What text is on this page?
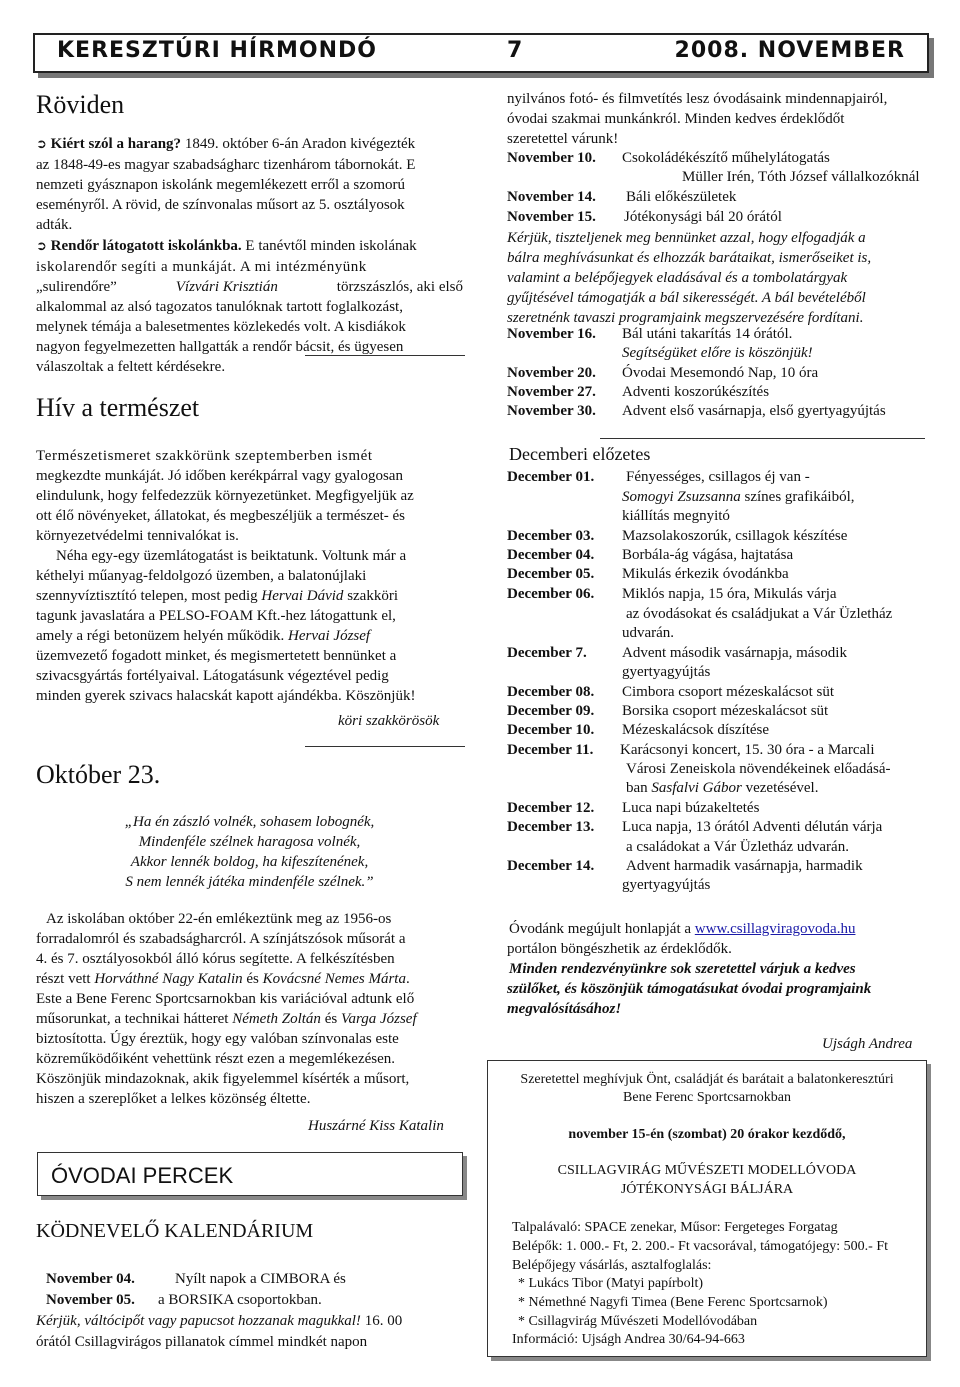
KERESZTÚRI HÍRMONDÓ	7	2008. NOVEMBER
Röviden
➲ Kiért szól a harang? 1849. október 6-án Aradon kivégezték
az 1848-49-es magyar szabadságharc tizenhárom tábornokát. E
nemzeti gyásznapon iskolánk megemlékezett erről a szomorú
eseményről. A rövid, de színvonalas műsort az 5. osztályosok
adták.
➲ Rendőr látogatott iskolánkba. E tanévtől minden iskolának
iskolarendőr segíti a munkáját. A mi intézményünk
„sulirendőre”	Vízvári Krisztián	törzszászlós, aki első
alkalommal az alsó tagozatos tanulóknak tartott foglalkozást,
melynek témája a balesetmentes közlekedés volt. A kisdiákok
nagyon fegyelmezetten hallgatták a rendőr bácsit, és ügyesen
válaszoltak a feltett kérdésekre.
Hív a természet
Természetismeret szakkörünk szeptemberben ismét
megkezdte munkáját. Jó időben kerékpárral vagy gyalogosan
elindulunk, hogy felfedezzük környezetünket. Megfigyeljük az
ott élő növényeket, állatokat, és megbeszéljük a természet- és
környezetvédelmi tennivalókat is.
Néha egy-egy üzemlátogatást is beiktatunk. Voltunk már a
kéthelyi műanyag-feldolgozó üzemben, a balatonújlaki
szennyvíztisztító telepen, most pedig Hervai Dávid szakköri
tagunk javaslatára a PELSO-FOAM Kft.-hez látogattunk el,
amely a régi betonüzem helyén működik. Hervai József
üzemvezető fogadott minket, és megismertetett bennünket a
szivacsgyártás fortélyaival. Látogatásunk végeztével pedig
minden gyerek szivacs halacskát kapott ajándékba. Köszönjük!
köri szakkörösök
Október 23.
„Ha én zászló volnék, sohasem lobognék,
Mindenféle szélnek haragosa volnék,
Akkor lennék boldog, ha kifeszítenének,
S nem lennék játéka mindenféle szélnek.”
Az iskolában október 22-én emlékeztünk meg az 1956-os
forradalomról és szabadságharcról. A színjátszósok műsorát a
4. és 7. osztályosokból álló kórus segítette. A felkészítésben
részt vett Horváthné Nagy Katalin és Kovácsné Nemes Márta.
Este a Bene Ferenc Sportcsarnokban kis variációval adtunk elő
műsorunkat, a technikai hátteret Németh Zoltán és Varga József
biztosította. Úgy éreztük, hogy egy valóban színvonalas este
közreműködőiként vehettünk részt ezen a megemlékezésen.
Köszönjük mindazoknak, akik figyelemmel kísérték a műsort,
hiszen a szereplőket a lelkes közönség éltette.
Huszárné Kiss Katalin
ÓVODAI PERCEK
KÖDNEVELŐ KALENDÁRIUM
November 04.	Nyílt napok a CIMBORA és
November 05. a BORSIKA csoportokban.
Kérjük, váltócipőt vagy papucsot hozzanak magukkal! 16. 00
órától Csillagvirágos pillanatok címmel mindkét napon
nyilvános fotó- és filmvetítés lesz óvodásaink mindennapjairól,
óvodai szakmai munkánkról. Minden kedves érdeklődőt
szeretettel várunk!
November 10. Csokoládékészítő műhelylátogatás
Müller Irén, Tóth József vállalkozóknál
November 14. Báli előkészületek
November 15. Jótékonysági bál 20 órától
Kérjük, tiszteljenek meg bennünket azzal, hogy elfogadják a
bálra meghívásunkat és elhozzák barátaikat, ismerőseiket is,
valamint a belépőjegyek eladásával és a tombolatárgyak
gyűjtésével támogatják a bál sikerességét. A bál bevételéből
szeretnénk tavaszi programjaink megszervezésére fordítani.
November 16. Bál utáni takarítás 14 órától.
Segítségüket előre is köszönjük!
November 20. Óvodai Mesemondó Nap, 10 óra
November 27. Adventi koszorúkészítés
November 30. Advent első vasárnapja, első gyertyagyújtás
Decemberi előzetes
December 01. Fényességes, csillagos éj van -
Somogyi Zsuzsanna színes grafikáiból,
kiállítás megnyitó
December 03. Mazsolakoszorúk, csillagok készítése
December 04. Borbála-ág vágása, hajtatása
December 05. Mikulás érkezik óvodánkba
December 06. Miklós napja, 15 óra, Mikulás várja
az óvodásokat és családjukat a Vár Üzletház
udvarán.
December 7. Advent második vasárnapja, második
gyertyagyújtás
December 08. Cimbora csoport mézeskalácsot süt
December 09. Borsika csoport mézeskalácsot süt
December 10. Mézeskalácsok díszítése
December 11. Karácsonyi koncert, 15. 30 óra - a Marcali
Városi Zeneiskola növendékeinek előadásá-
ban Sasfalvi Gábor vezetésével.
December 12. Luca napi búzakeltetés
December 13. Luca napja, 13 órától Adventi délután várja
a családokat a Vár Üzletház udvarán.
December 14. Advent harmadik vasárnapja, harmadik
gyertyagyújtás
Óvodánk megújult honlapját a www.csillagviragovoda.hu
portálon böngészhetik az érdeklődők.
Minden rendezvényünkre sok szeretettel várjuk a kedves
szülőket, és köszönjük támogatásukat óvodai programjaink
megvalósításához!
Ujságh Andrea
Szeretettel meghívjuk Önt, családját és barátait a balatonkeresztúri
Bene Ferenc Sportcsarnokban
november 15-én (szombat) 20 órakor kezdődő,
CSILLAGVIRÁG MŰVÉSZETI MODELLÓVODA
JÓTÉKONYSÁGI BÁLJÁRA
Talpalávaló: SPACE zenekar, Műsor: Fergeteges Forgatag
Belépők: 1. 000.- Ft, 2. 200.- Ft vacsorával, támogatójegy: 500.- Ft
Belépőjegy vásárlás, asztalfoglalás:
* Lukács Tibor (Matyi papírbolt)
* Némethné Nagyfi Timea (Bene Ferenc Sportcsarnok)
* Csillagvirág Művészeti Modellóvodában
Információ: Ujságh Andrea 30/64-94-663
